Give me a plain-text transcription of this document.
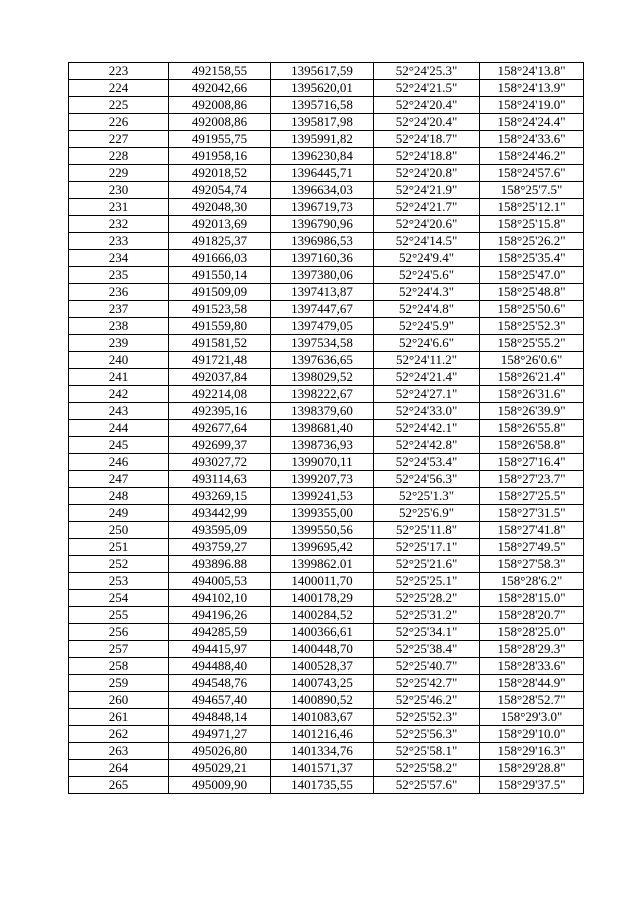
223	492158,55	1395617,59	52°24'25.3"	158°24'13.8"
224	492042,66	1395620,01	52°24'21.5"	158°24'13.9"
225	492008,86	1395716,58	52°24'20.4"	158°24'19.0"
226	492008,86	1395817,98	52°24'20.4"	158°24'24.4"
227	491955,75	1395991,82	52°24'18.7"	158°24'33.6"
228	491958,16	1396230,84	52°24'18.8"	158°24'46.2"
229	492018,52	1396445,71	52°24'20.8"	158°24'57.6"
230	492054,74	1396634,03	52°24'21.9"	158°25'7.5"
231	492048,30	1396719,73	52°24'21.7"	158°25'12.1"
232	492013,69	1396790,96	52°24'20.6"	158°25'15.8"
233	491825,37	1396986,53	52°24'14.5"	158°25'26.2"
234	491666,03	1397160,36	52°24'9.4"	158°25'35.4"
235	491550,14	1397380,06	52°24'5.6"	158°25'47.0"
236	491509,09	1397413,87	52°24'4.3"	158°25'48.8"
237	491523,58	1397447,67	52°24'4.8"	158°25'50.6"
238	491559,80	1397479,05	52°24'5.9"	158°25'52.3"
239	491581,52	1397534,58	52°24'6.6"	158°25'55.2"
240	491721,48	1397636,65	52°24'11.2"	158°26'0.6"
241	492037,84	1398029,52	52°24'21.4"	158°26'21.4"
242	492214,08	1398222,67	52°24'27.1"	158°26'31.6"
243	492395,16	1398379,60	52°24'33.0"	158°26'39.9"
244	492677,64	1398681,40	52°24'42.1"	158°26'55.8"
245	492699,37	1398736,93	52°24'42.8"	158°26'58.8"
246	493027,72	1399070,11	52°24'53.4"	158°27'16.4"
247	493114,63	1399207,73	52°24'56.3"	158°27'23.7"
248	493269,15	1399241,53	52°25'1.3"	158°27'25.5"
249	493442,99	1399355,00	52°25'6.9"	158°27'31.5"
250	493595,09	1399550,56	52°25'11.8"	158°27'41.8"
251	493759,27	1399695,42	52°25'17.1"	158°27'49.5"
252	493896.88	1399862.01	52°25'21.6"	158°27'58.3"
253	494005,53	1400011,70	52°25'25.1"	158°28'6.2"
254	494102,10	1400178,29	52°25'28.2"	158°28'15.0"
255	494196,26	1400284,52	52°25'31.2"	158°28'20.7"
256	494285,59	1400366,61	52°25'34.1"	158°28'25.0"
257	494415,97	1400448,70	52°25'38.4"	158°28'29.3"
258	494488,40	1400528,37	52°25'40.7"	158°28'33.6"
259	494548,76	1400743,25	52°25'42.7"	158°28'44.9"
260	494657,40	1400890,52	52°25'46.2"	158°28'52.7"
261	494848,14	1401083,67	52°25'52.3"	158°29'3.0"
262	494971,27	1401216,46	52°25'56.3"	158°29'10.0"
263	495026,80	1401334,76	52°25'58.1"	158°29'16.3"
264	495029,21	1401571,37	52°25'58.2"	158°29'28.8"
265	495009,90	1401735,55	52°25'57.6"	158°29'37.5"
